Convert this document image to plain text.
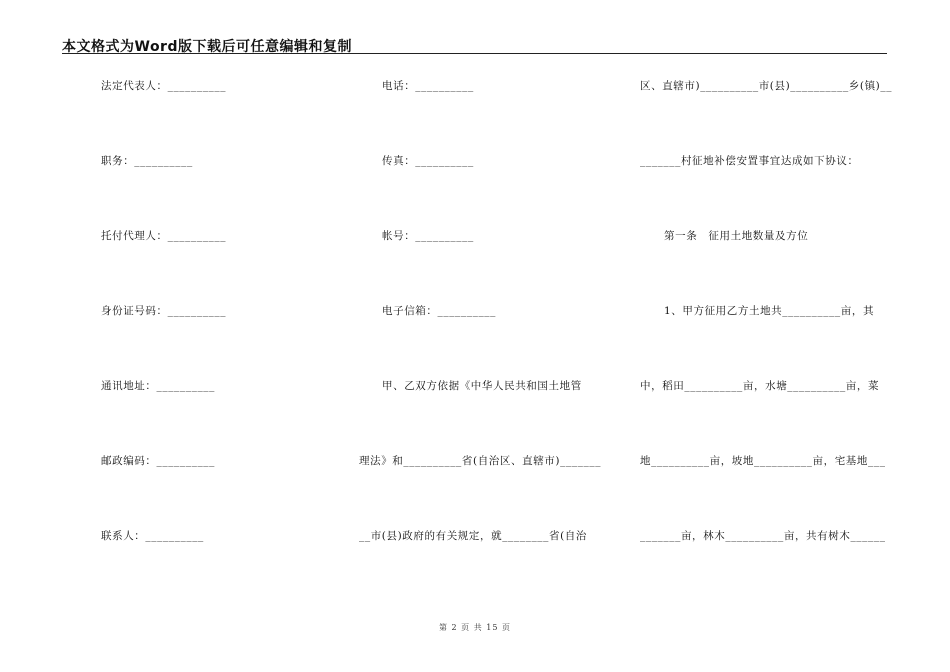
本文格式为Word版下载后可任意编辑和复制
法定代表人：__________
职务：__________
托付代理人：__________
身份证号码：__________
通讯地址：__________
邮政编码：__________
联系人：__________
电话：__________
传真：__________
帐号：__________
电子信箱：__________
甲、乙双方依据《中华人民共和国土地管
理法》和__________省(自治区、直辖市)_______
__市(县)政府的有关规定，就________省(自治
区、直辖市)__________市(县)__________乡(镇)__
_______村征地补偿安置事宜达成如下协议：
第一条　征用土地数量及方位
1、甲方征用乙方土地共__________亩，其
中，稻田__________亩，水塘__________亩，菜
地__________亩，坡地__________亩，宅基地___
_______亩，林木__________亩，共有树木______
第 2 页 共 15 页
